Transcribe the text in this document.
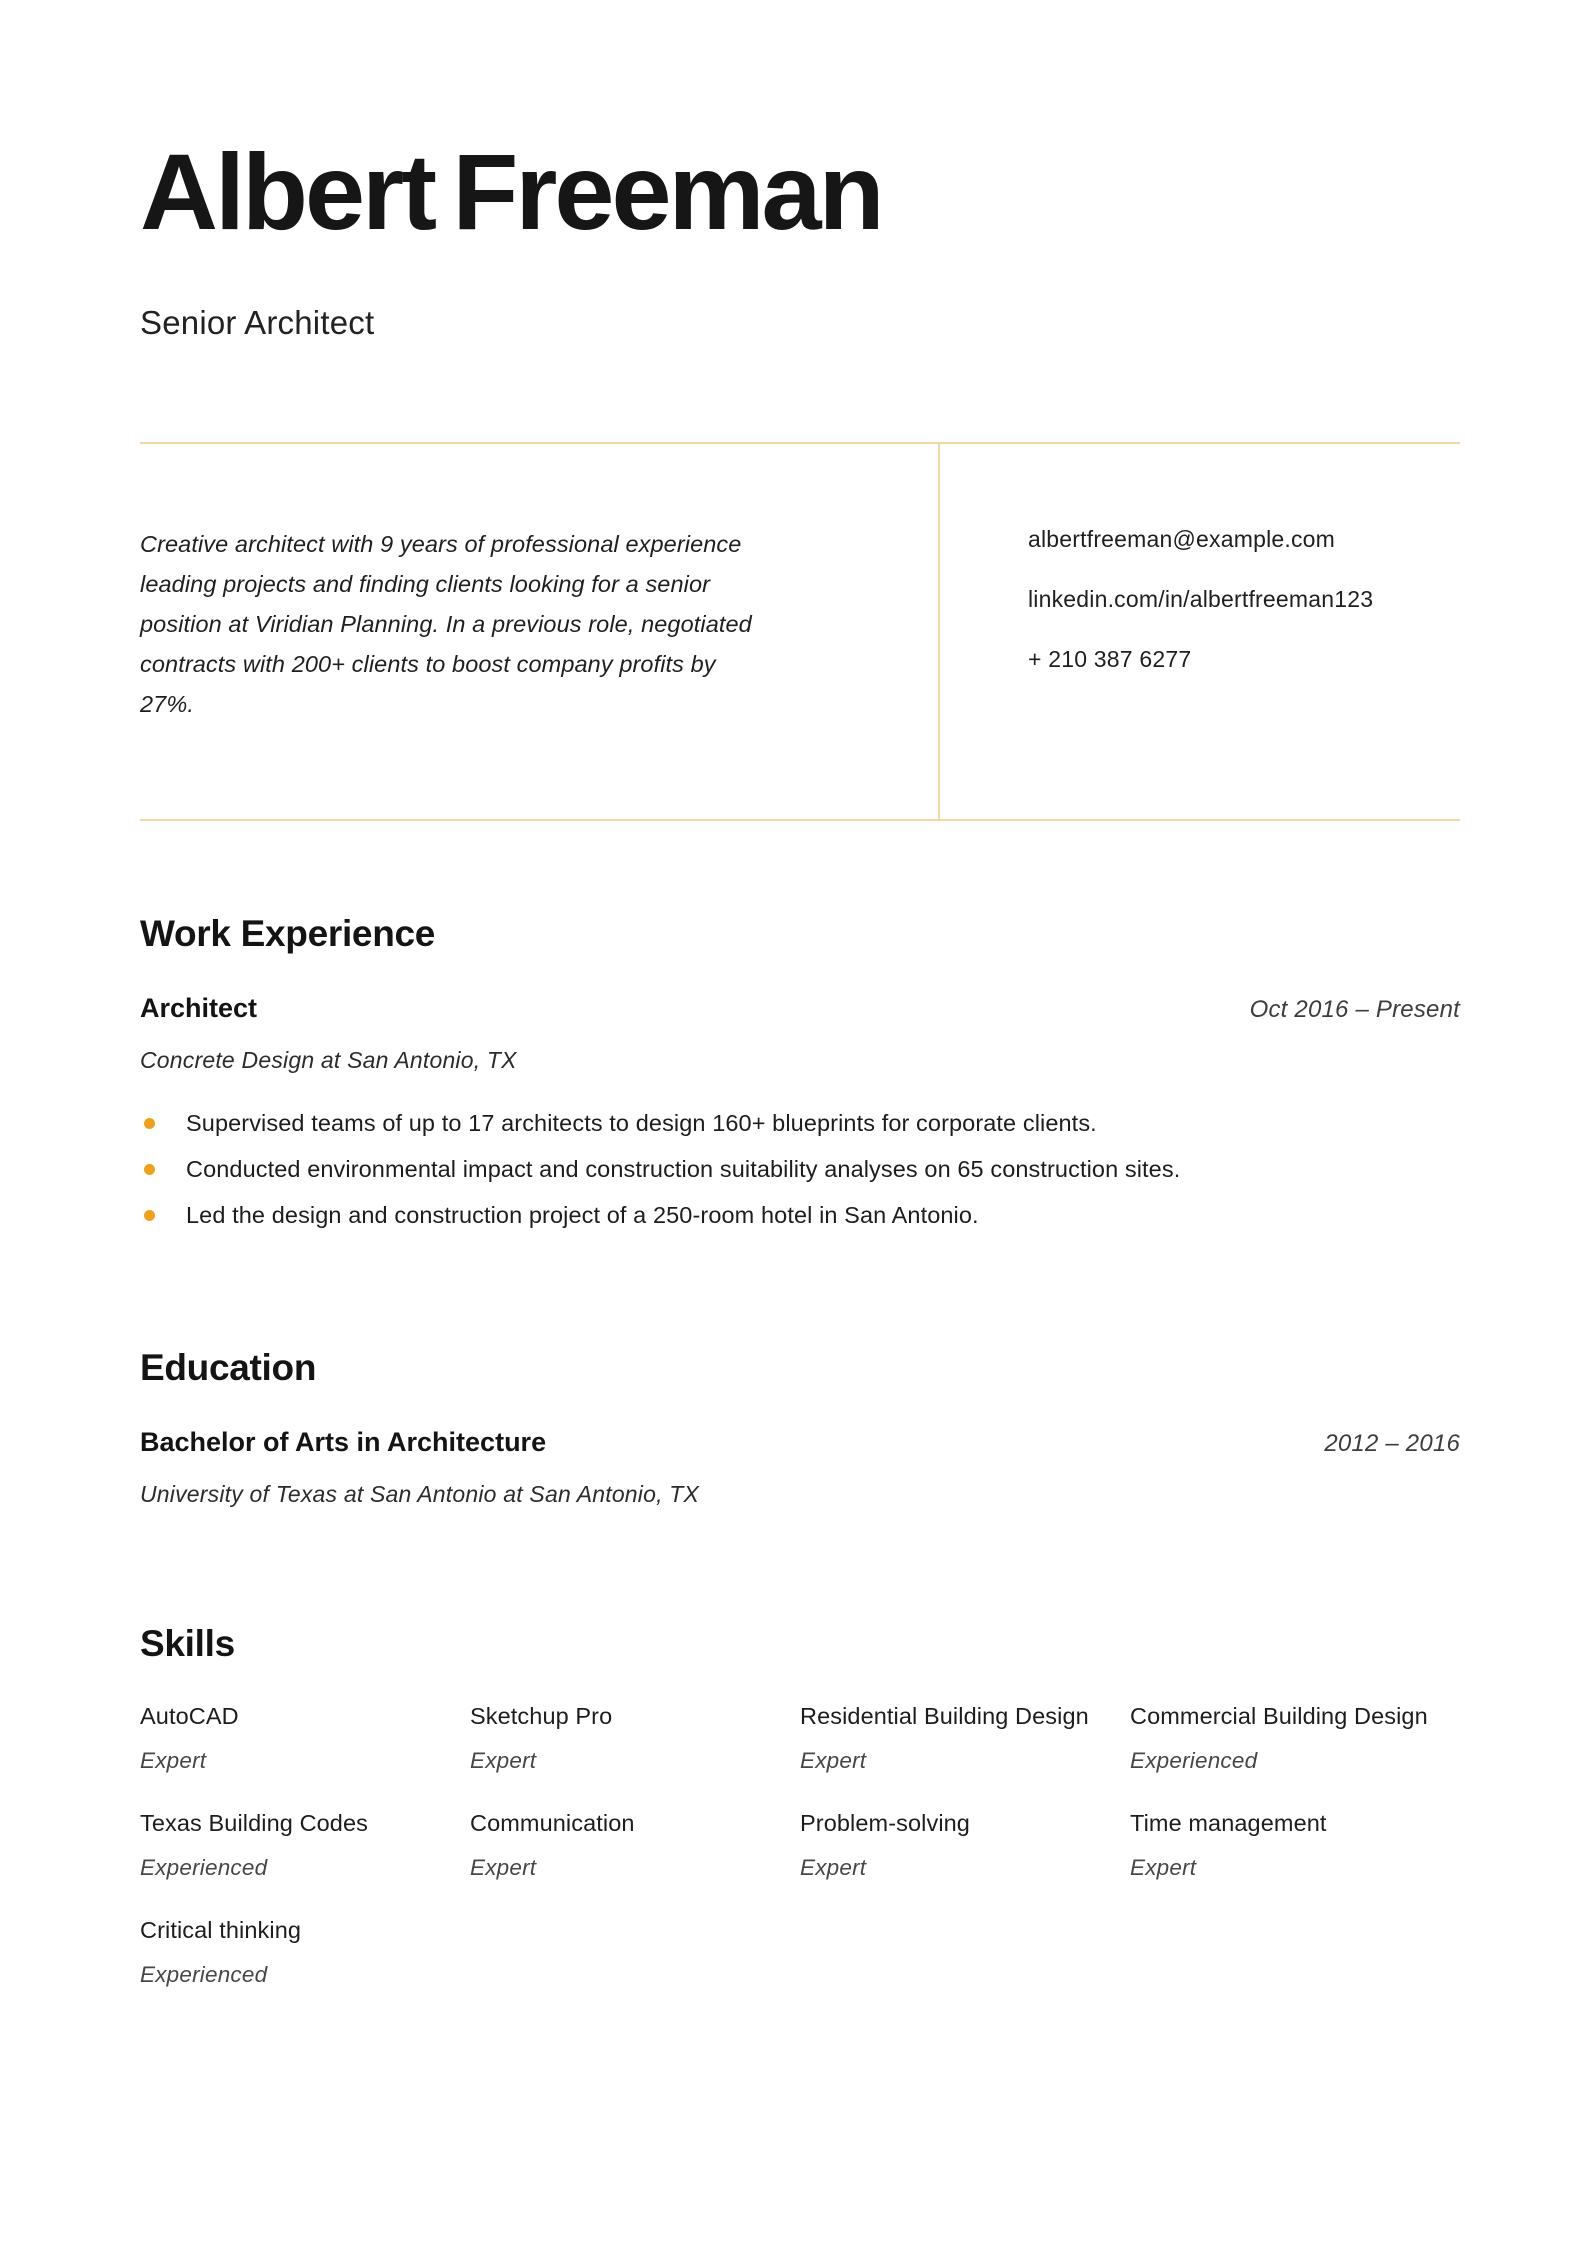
Albert Freeman
Senior Architect

Creative architect with 9 years of professional experience leading projects and finding clients looking for a senior position at Viridian Planning. In a previous role, negotiated contracts with 200+ clients to boost company profits by 27%.

albertfreeman@example.com
linkedin.com/in/albertfreeman123
+ 210 387 6277
Work Experience
Architect	Oct 2016 – Present
Concrete Design at San Antonio, TX
Supervised teams of up to 17 architects to design 160+ blueprints for corporate clients.
Conducted environmental impact and construction suitability analyses on 65 construction sites.
Led the design and construction project of a 250-room hotel in San Antonio.
Education
Bachelor of Arts in Architecture	2012 – 2016
University of Texas at San Antonio at San Antonio, TX
Skills
AutoCAD
Expert
Sketchup Pro
Expert
Residential Building Design
Expert
Commercial Building Design
Experienced
Texas Building Codes
Experienced
Communication
Expert
Problem-solving
Expert
Time management
Expert
Critical thinking
Experienced
